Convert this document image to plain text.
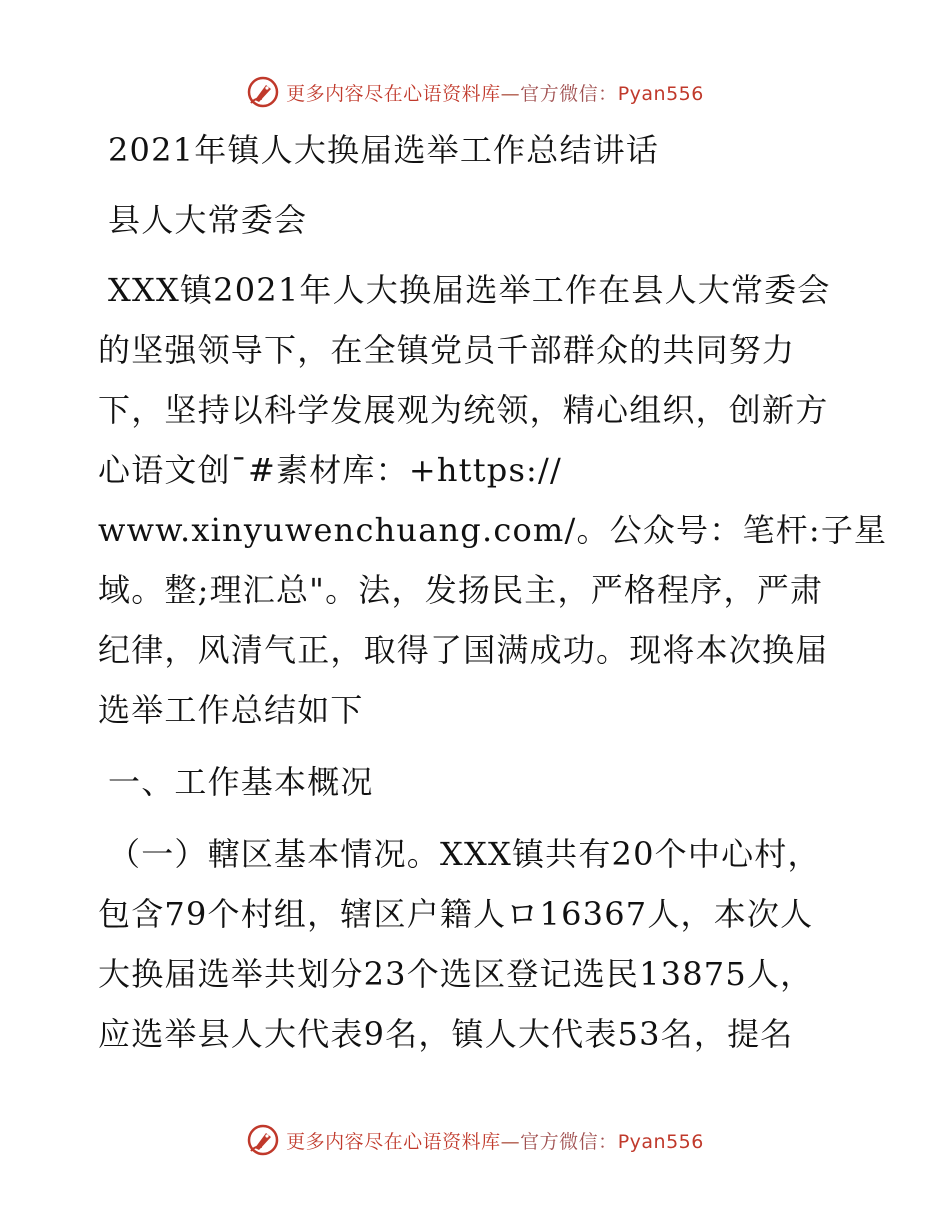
更多内容尽在心语资料库—官方微信：Pyan556
2021年镇人大换届选举工作总结讲话
县人大常委会
XXX镇2021年人大换届选举工作在县人大常委会
的坚强领导下，在全镇党员千部群众的共同努力
下，坚持以科学发展观为统领，精心组织，创新方
心语文创¯#素材库：+https://
www.xinyuwenchuang.com/。公众号：笔杆:子星
域。整;理汇总"。法，发扬民主，严格程序，严肃
纪律，风清气正，取得了国满成功。现将本次换届
选举工作总结如下
一、工作基本概况
（一）轄区基本情况。XXX镇共有20个中心村，
包含79个村组，辖区户籍人ロ16367人，本次人
大换届选举共划分23个选区登记选民13875人，
应选举县人大代表9名，镇人大代表53名，提名
更多内容尽在心语资料库—官方微信：Pyan556
